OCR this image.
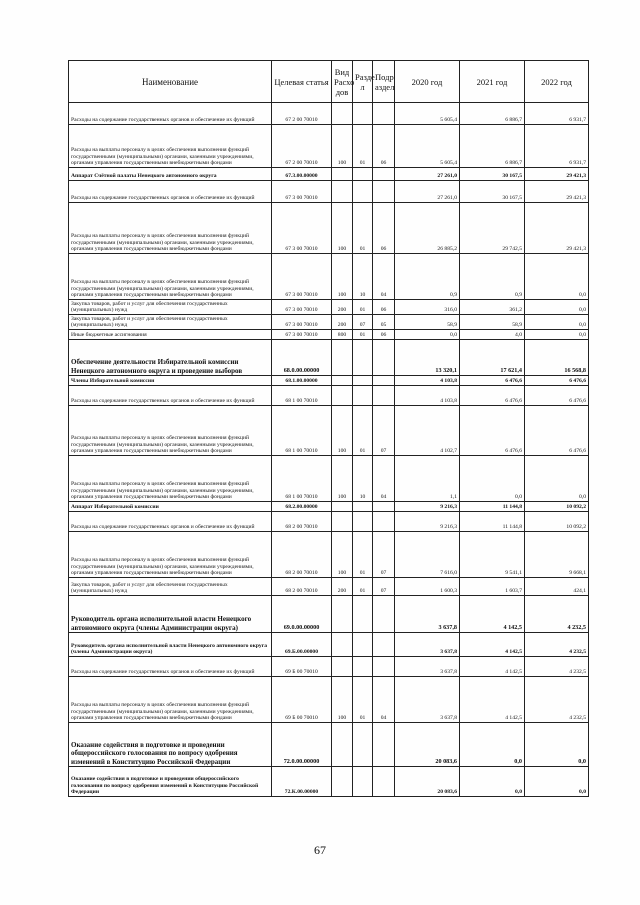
Наименование	Целевая статья	Вид Расхо дов	Разде л	Подр аздел	2020 год	2021 год	2022 год
Расходы на содержание государственных органов и обеспечение их функций	67 2 00 70010				5 605,4	6 886,7	6 931,7
Расходы на выплаты персоналу в целях обеспечения выполнения функций государственными (муниципальными) органами, казенными учреждениями, органами управления государственными внебюджетными фондами	67 2 00 70010	100	01	06	5 605,4	6 886,7	6 931,7
Аппарат Счётной палаты Ненецкого автономного округа	67.3.00.00000				27 261,0	30 167,5	29 421,3
Расходы на содержание государственных органов и обеспечение их функций	67 3 00 70010				27 261,0	30 167,5	29 421,3
Расходы на выплаты персоналу в целях обеспечения выполнения функций государственными (муниципальными) органами, казенными учреждениями, органами управления государственными внебюджетными фондами	67 3 00 70010	100	01	06	26 885,2	29 742,5	29 421,3
Расходы на выплаты персоналу в целях обеспечения выполнения функций государственными (муниципальными) органами, казенными учреждениями, органами управления государственными внебюджетными фондами	67 3 00 70010	100	10	04	0,9	0,9	0,0
Закупка товаров, работ и услуг для обеспечения государственных (муниципальных) нужд	67 3 00 70010	200	01	06	316,0	361,2	0,0
Закупка товаров, работ и услуг для обеспечения государственных (муниципальных) нужд	67 3 00 70010	200	07	05	58,9	58,9	0,0
Иные бюджетные ассигнования	67 3 00 70010	800	01	06	0,0	4,0	0,0
Обеспечение деятельности Избирательной комиссии Ненецкого автономного округа и проведение выборов	68.0.00.00000				13 320,1	17 621,4	16 568,8
Члены Избирательной комиссии	68.1.00.00000				4 103,8	6 476,6	6 476,6
Расходы на содержание государственных органов и обеспечение их функций	68 1 00 70010				4 103,8	6 476,6	6 476,6
Расходы на выплаты персоналу в целях обеспечения выполнения функций государственными (муниципальными) органами, казенными учреждениями, органами управления государственными внебюджетными фондами	68 1 00 70010	100	01	07	4 102,7	6 476,6	6 476,6
Расходы на выплаты персоналу в целях обеспечения выполнения функций государственными (муниципальными) органами, казенными учреждениями, органами управления государственными внебюджетными фондами	68 1 00 70010	100	10	04	1,1	0,0	0,0
Аппарат Избирательной комиссии	68.2.00.00000				9 216,3	11 144,8	10 092,2
Расходы на содержание государственных органов и обеспечение их функций	68 2 00 70010				9 216,3	11 144,8	10 092,2
Расходы на выплаты персоналу в целях обеспечения выполнения функций государственными (муниципальными) органами, казенными учреждениями, органами управления государственными внебюджетными фондами	68 2 00 70010	100	01	07	7 616,0	9 541,1	9 668,1
Закупка товаров, работ и услуг для обеспечения государственных (муниципальных) нужд	68 2 00 70010	200	01	07	1 600,3	1 603,7	424,1
Руководитель органа исполнительной власти Ненецкого автономного округа (члены Администрации округа)	69.0.00.00000				3 637,8	4 142,5	4 232,5
Руководитель органа исполнительной власти Ненецкого автономного округа (члены Администрации округа)	69.Б.00.00000				3 637,8	4 142,5	4 232,5
Расходы на содержание государственных органов и обеспечение их функций	69 Б 00 70010				3 637,8	4 142,5	4 232,5
Расходы на выплаты персоналу в целях обеспечения выполнения функций государственными (муниципальными) органами, казенными учреждениями, органами управления государственными внебюджетными фондами	69 Б 00 70010	100	01	04	3 637,8	4 142,5	4 232,5
Оказание содействия в подготовке и проведении общероссийского голосования по вопросу одобрения изменений в Конституцию Российской Федерации	72.0.00.00000				20 083,6	0,0	0,0
Оказание содействия в подготовке и проведении общероссийского голосования по вопросу одобрения изменений в Конституцию Российской Федерации	72.К.00.00000				20 083,6	0,0	0,0
67
